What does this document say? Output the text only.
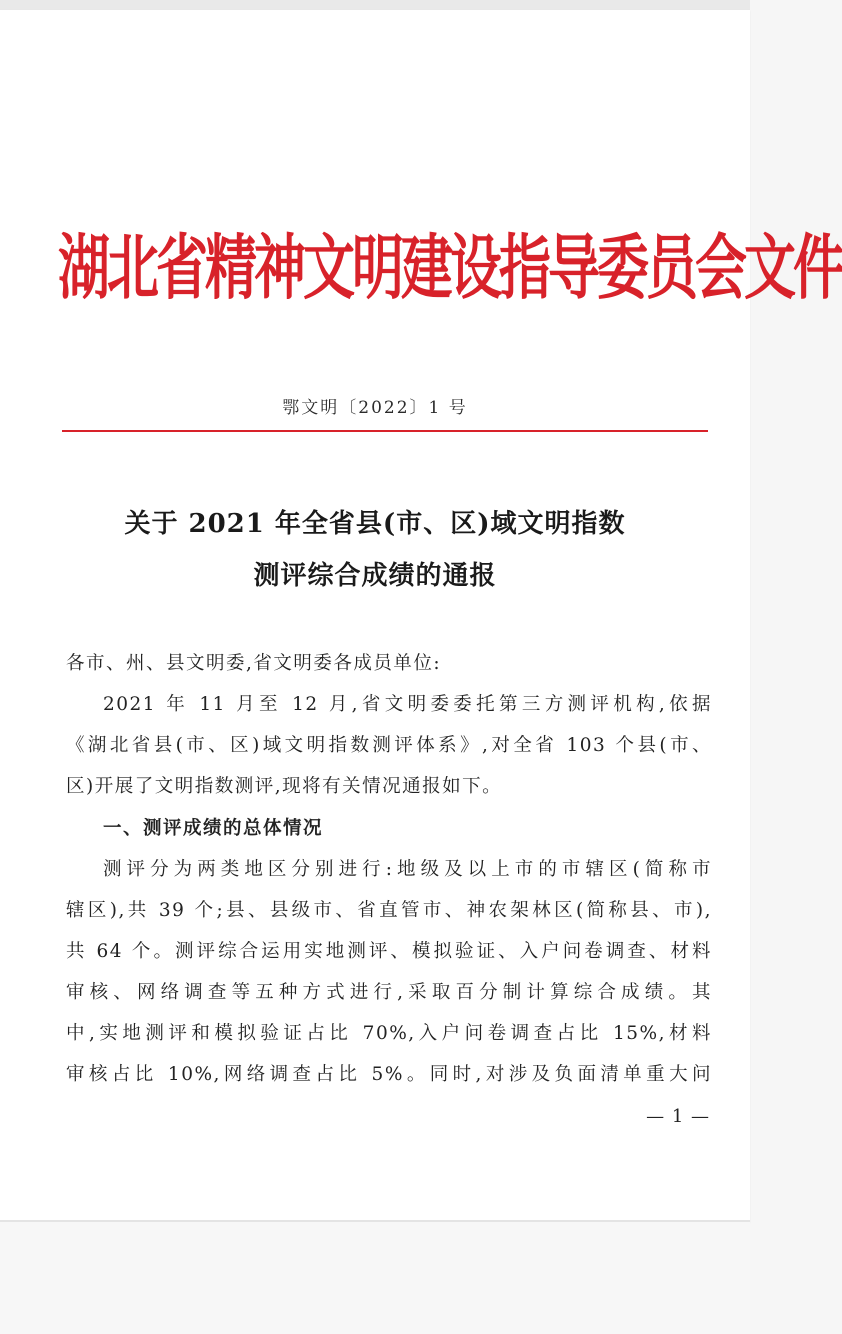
湖北省精神文明建设指导委员会文件
鄂文明〔2022〕1 号
关于 2021 年全省县(市、区)域文明指数
测评综合成绩的通报
各市、州、县文明委,省文明委各成员单位:
2021 年 11 月至 12 月,省文明委委托第三方测评机构,依据
《湖北省县(市、区)域文明指数测评体系》,对全省 103 个县(市、
区)开展了文明指数测评,现将有关情况通报如下。
一、测评成绩的总体情况
测评分为两类地区分别进行:地级及以上市的市辖区(简称市
辖区),共 39 个;县、县级市、省直管市、神农架林区(简称县、市),
共 64 个。测评综合运用实地测评、模拟验证、入户问卷调查、材料
审核、网络调查等五种方式进行,采取百分制计算综合成绩。其
中,实地测评和模拟验证占比 70%,入户问卷调查占比 15%,材料
审核占比 10%,网络调查占比 5%。同时,对涉及负面清单重大问
— 1 —
